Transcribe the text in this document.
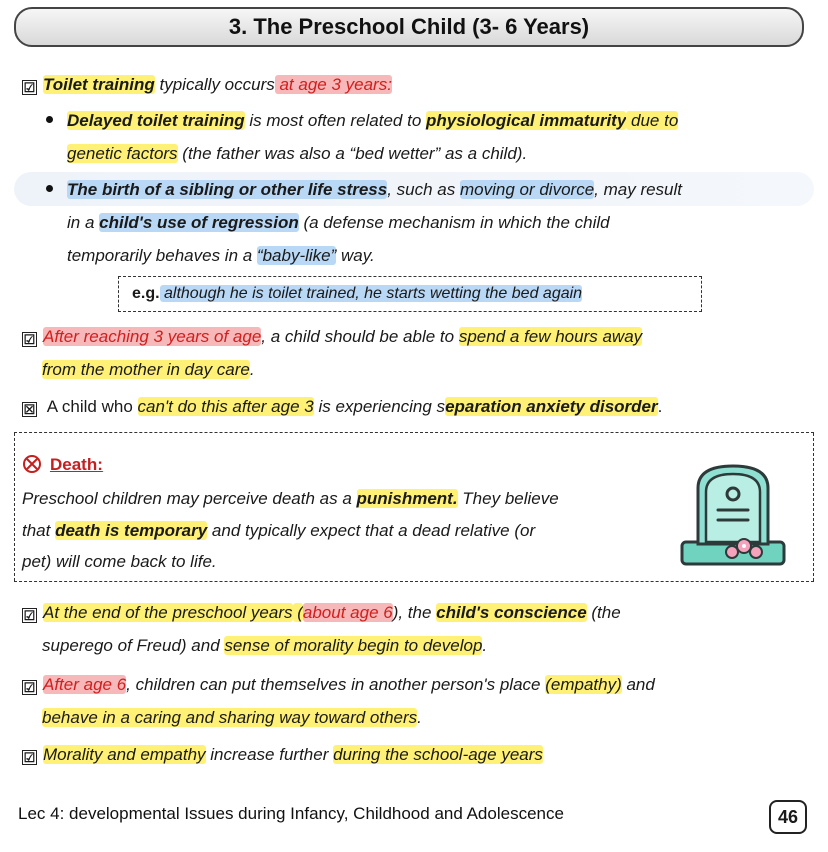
3. The Preschool Child (3- 6 Years)
☑ Toilet training typically occurs at age 3 years:
Delayed toilet training is most often related to physiological immaturity due to
genetic factors (the father was also a “bed wetter” as a child).
The birth of a sibling or other life stress, such as moving or divorce, may result
in a child's use of regression (a defense mechanism in which the child
temporarily behaves in a “baby-like” way.
e.g. although he is toilet trained, he starts wetting the bed again
☑ After reaching 3 years of age, a child should be able to spend a few hours away
from the mother in day care.
☒ A child who can't do this after age 3 is experiencing separation anxiety disorder.
Death:
Preschool children may perceive death as a punishment. They believe
that death is temporary and typically expect that a dead relative (or
pet) will come back to life.
☑ At the end of the preschool years (about age 6), the child's conscience (the
superego of Freud) and sense of morality begin to develop.
☑ After age 6, children can put themselves in another person's place (empathy) and
behave in a caring and sharing way toward others.
☑ Morality and empathy increase further during the school-age years
Lec 4: developmental Issues during Infancy, Childhood and Adolescence	46
